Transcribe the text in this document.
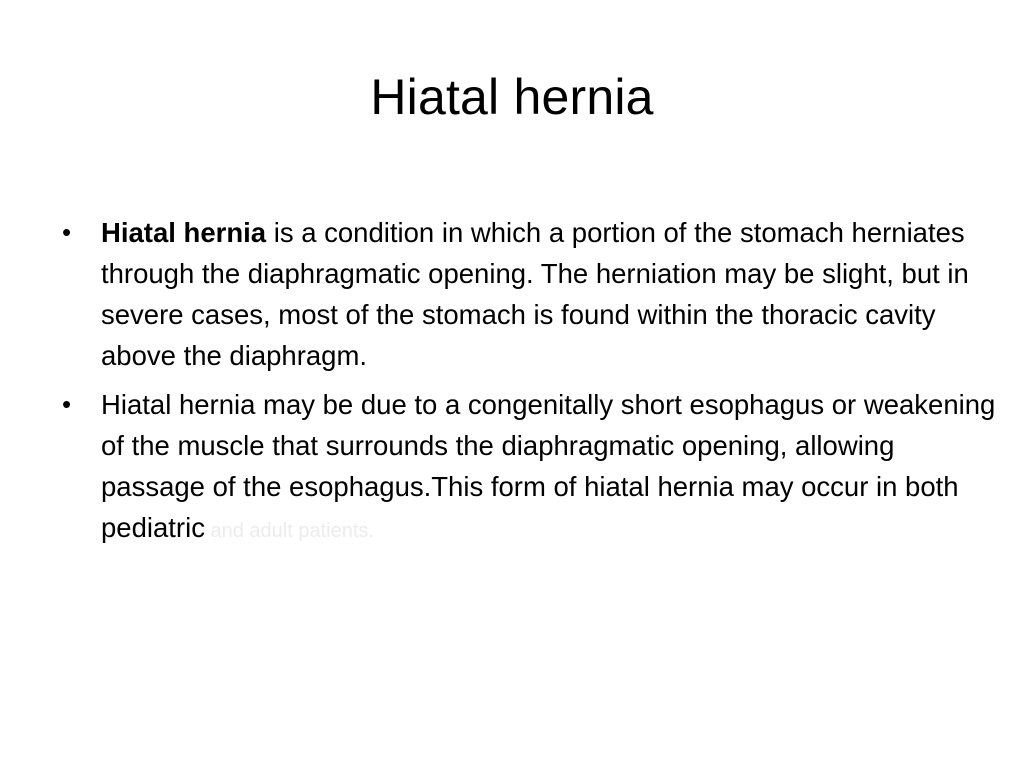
Hiatal hernia
•	Hiatal hernia is a condition in which a portion of the stomach herniates through the diaphragmatic opening. The herniation may be slight, but in severe cases, most of the stomach is found within the thoracic cavity above the diaphragm.
•	Hiatal hernia may be due to a congenitally short esophagus or weakening of the muscle that surrounds the diaphragmatic opening, allowing passage of the esophagus.This form of hiatal hernia may occur in both pediatric and adult patients.
